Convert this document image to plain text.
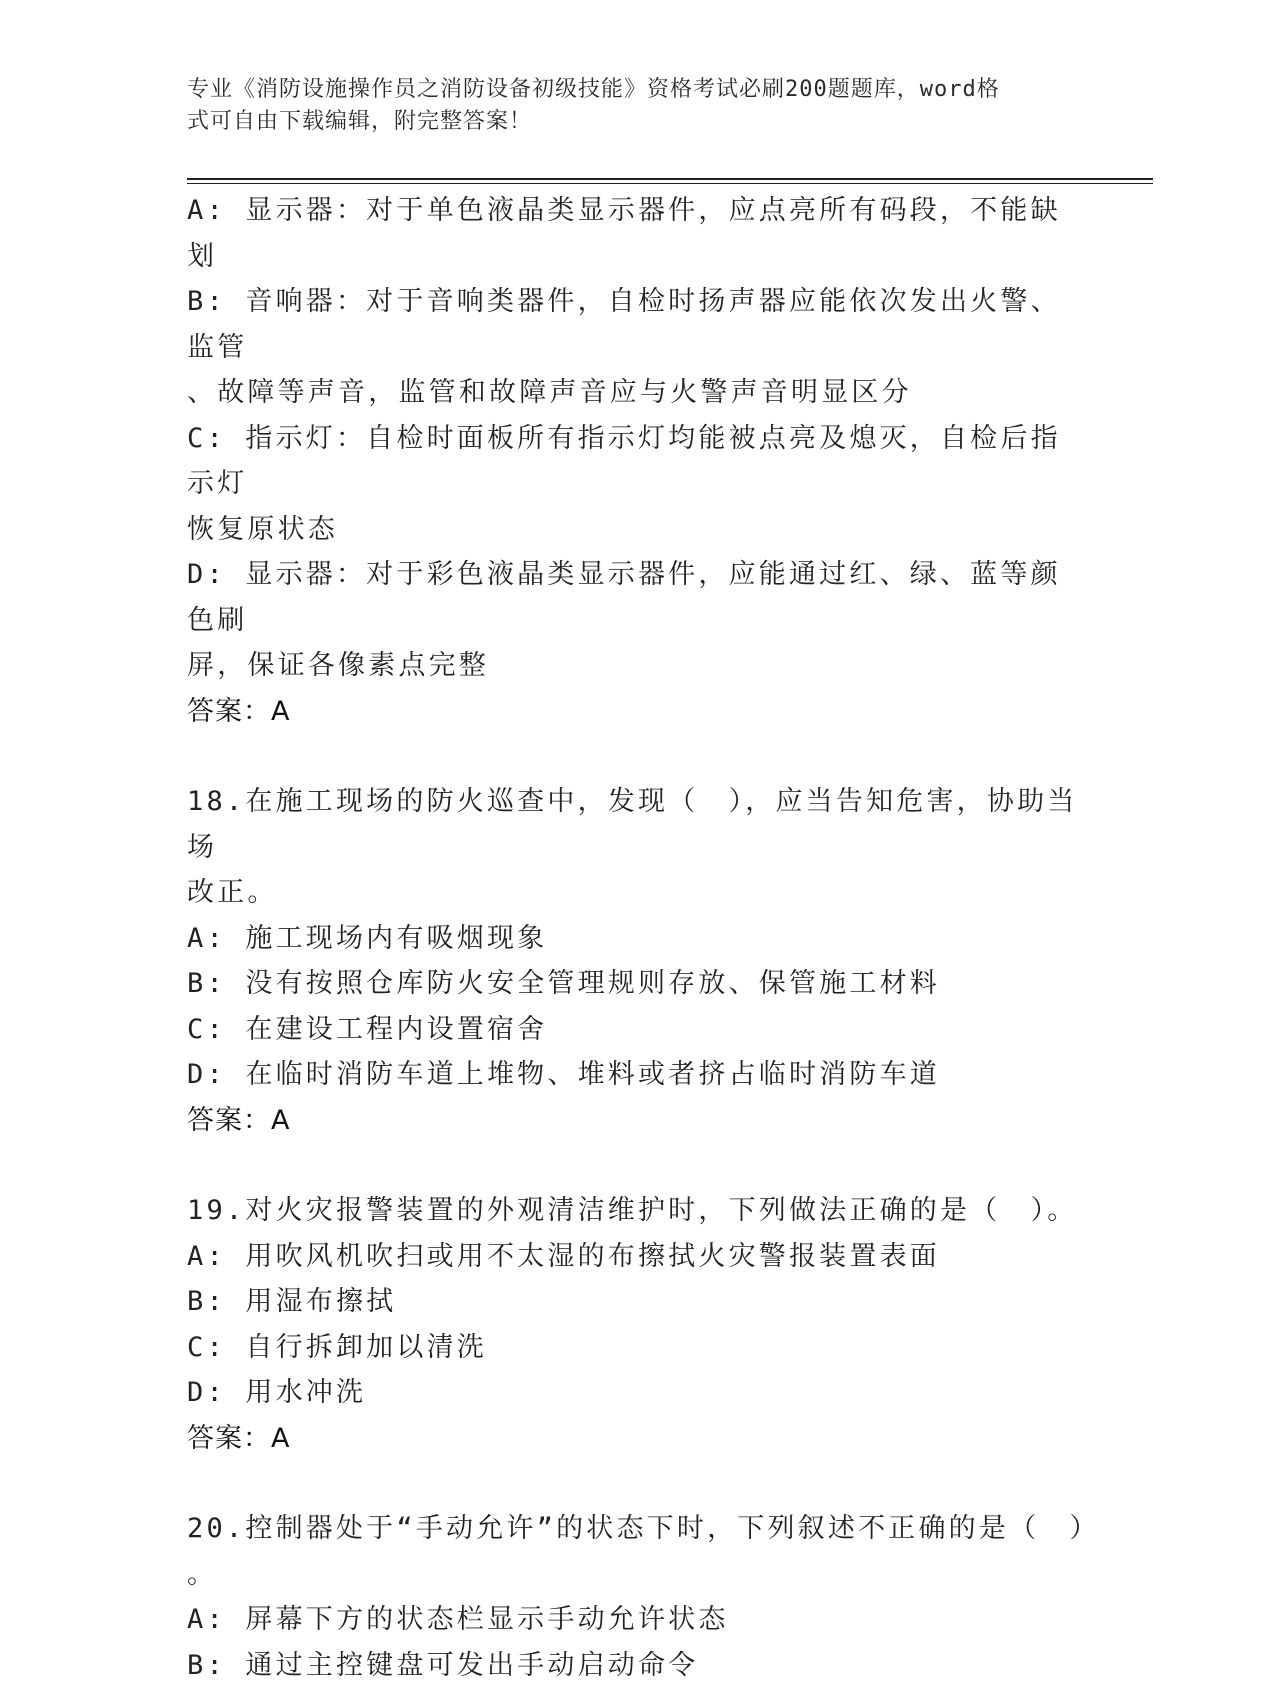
专业《消防设施操作员之消防设备初级技能》资格考试必刷200题题库，word格
式可自由下载编辑，附完整答案！
A: 显示器：对于单色液晶类显示器件，应点亮所有码段，不能缺划
B: 音响器：对于音响类器件，自检时扬声器应能依次发出火警、监管
、故障等声音，监管和故障声音应与火警声音明显区分
C: 指示灯：自检时面板所有指示灯均能被点亮及熄灭，自检后指示灯
恢复原状态
D: 显示器：对于彩色液晶类显示器件，应能通过红、绿、蓝等颜色刷
屏，保证各像素点完整
答案：A
18.在施工现场的防火巡查中，发现（　），应当告知危害，协助当场
改正。
A: 施工现场内有吸烟现象
B: 没有按照仓库防火安全管理规则存放、保管施工材料
C: 在建设工程内设置宿舍
D: 在临时消防车道上堆物、堆料或者挤占临时消防车道
答案：A
19.对火灾报警装置的外观清洁维护时，下列做法正确的是（　）。
A: 用吹风机吹扫或用不太湿的布擦拭火灾警报装置表面
B: 用湿布擦拭
C: 自行拆卸加以清洗
D: 用水冲洗
答案：A
20.控制器处于“手动允许”的状态下时，下列叙述不正确的是（　）
。
A: 屏幕下方的状态栏显示手动允许状态
B: 通过主控键盘可发出手动启动命令
